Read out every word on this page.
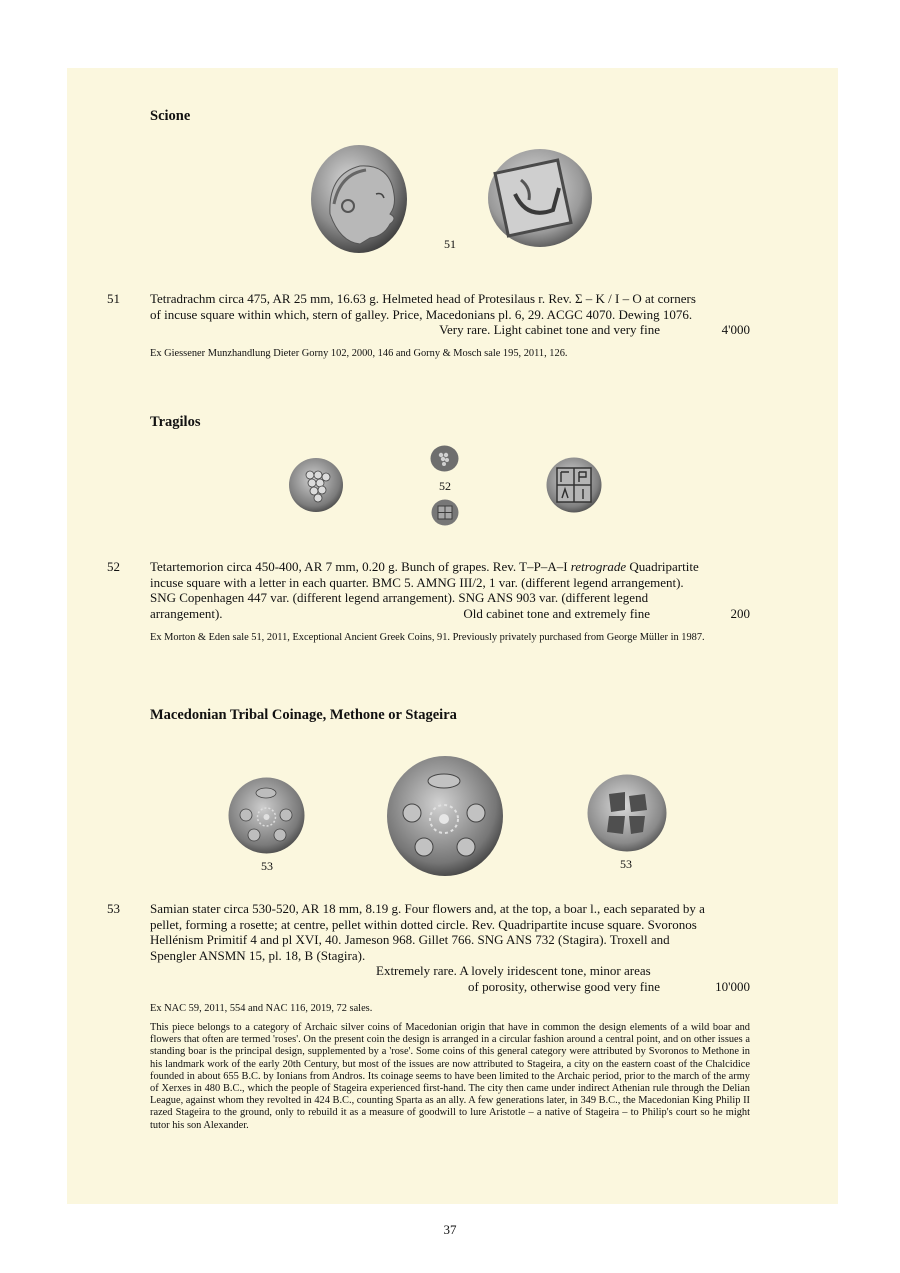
Scione
51
51 Tetradrachm circa 475, AR 25 mm, 16.63 g. Helmeted head of Protesilaus r. Rev. Σ – K / I – O at corners
of incuse square within which, stern of galley. Price, Macedonians pl. 6, 29. ACGC 4070. Dewing 1076.
Very rare. Light cabinet tone and very fine	4'000
Ex Giessener Munzhandlung Dieter Gorny 102, 2000, 146 and Gorny & Mosch sale 195, 2011, 126.
Tragilos
52
52 Tetartemorion circa 450-400, AR 7 mm, 0.20 g. Bunch of grapes. Rev. T–P–A–I retrograde Quadripartite
incuse square with a letter in each quarter. BMC 5. AMNG III/2, 1 var. (different legend arrangement).
SNG Copenhagen 447 var. (different legend arrangement). SNG ANS 903 var. (different legend
arrangement).	Old cabinet tone and extremely fine	200
Ex Morton & Eden sale 51, 2011, Exceptional Ancient Greek Coins, 91. Previously privately purchased from George Müller in 1987.
Macedonian Tribal Coinage, Methone or Stageira
53	53
53 Samian stater circa 530-520, AR 18 mm, 8.19 g. Four flowers and, at the top, a boar l., each separated by a
pellet, forming a rosette; at centre, pellet within dotted circle. Rev. Quadripartite incuse square. Svoronos
Hellénism Primitif 4 and pl XVI, 40. Jameson 968. Gillet 766. SNG ANS 732 (Stagira). Troxell and
Spengler ANSMN 15, pl. 18, B (Stagira).
Extremely rare. A lovely iridescent tone, minor areas
of porosity, otherwise good very fine	10'000
Ex NAC 59, 2011, 554 and NAC 116, 2019, 72 sales.
This piece belongs to a category of Archaic silver coins of Macedonian origin that have in common the design elements of a wild boar and flowers that often are termed 'roses'. On the present coin the design is arranged in a circular fashion around a central point, and on other issues a standing boar is the principal design, supplemented by a 'rose'. Some coins of this general category were attributed by Svoronos to Methone in his landmark work of the early 20th Century, but most of the issues are now attributed to Stageira, a city on the eastern coast of the Chalcidice founded in about 655 B.C. by Ionians from Andros. Its coinage seems to have been limited to the Archaic period, prior to the march of the army of Xerxes in 480 B.C., which the people of Stageira experienced first-hand. The city then came under indirect Athenian rule through the Delian League, against whom they revolted in 424 B.C., counting Sparta as an ally. A few generations later, in 349 B.C., the Macedonian King Philip II razed Stageira to the ground, only to rebuild it as a measure of goodwill to lure Aristotle – a native of Stageira – to Philip's court so he might tutor his son Alexander.
37
